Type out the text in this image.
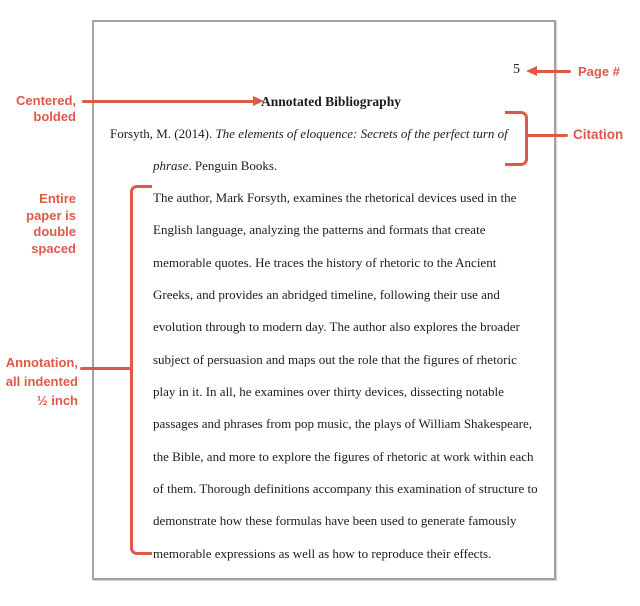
5
Annotated Bibliography
Forsyth, M. (2014). The elements of eloquence: Secrets of the perfect turn of
phrase. Penguin Books.
The author, Mark Forsyth, examines the rhetorical devices used in the
English language, analyzing the patterns and formats that create
memorable quotes. He traces the history of rhetoric to the Ancient
Greeks, and provides an abridged timeline, following their use and
evolution through to modern day. The author also explores the broader
subject of persuasion and maps out the role that the figures of rhetoric
play in it. In all, he examines over thirty devices, dissecting notable
passages and phrases from pop music, the plays of William Shakespeare,
the Bible, and more to explore the figures of rhetoric at work within each
of them. Thorough definitions accompany this examination of structure to
demonstrate how these formulas have been used to generate famously
memorable expressions as well as how to reproduce their effects.
Centered,
bolded
Page #
Citation
Entire
paper is
double
spaced
Annotation,
all indented
½ inch
